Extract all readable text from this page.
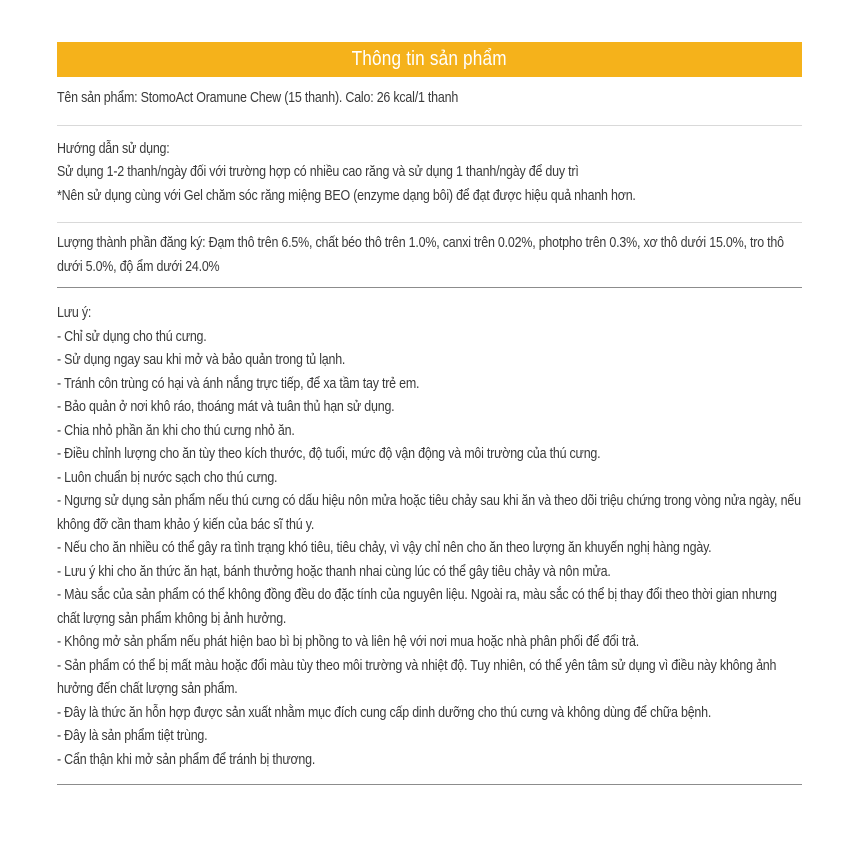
Thông tin sản phẩm
Tên sản phẩm: StomoAct Oramune Chew (15 thanh). Calo: 26 kcal/1 thanh
Hướng dẫn sử dụng:
Sử dụng 1-2 thanh/ngày đối với trường hợp có nhiều cao răng và sử dụng 1 thanh/ngày để duy trì
*Nên sử dụng cùng với Gel chăm sóc răng miệng BEO (enzyme dạng bôi) để đạt được hiệu quả nhanh hơn.
Lượng thành phần đăng ký: Đạm thô trên 6.5%, chất béo thô trên 1.0%, canxi trên 0.02%, photpho trên 0.3%, xơ thô dưới 15.0%, tro thô dưới 5.0%, độ ẩm dưới 24.0%
Lưu ý:
- Chỉ sử dụng cho thú cưng.
- Sử dụng ngay sau khi mở và bảo quản trong tủ lạnh.
- Tránh côn trùng có hại và ánh nắng trực tiếp, để xa tầm tay trẻ em.
- Bảo quản ở nơi khô ráo, thoáng mát và tuân thủ hạn sử dụng.
- Chia nhỏ phần ăn khi cho thú cưng nhỏ ăn.
- Điều chỉnh lượng cho ăn tùy theo kích thước, độ tuổi, mức độ vận động và môi trường của thú cưng.
- Luôn chuẩn bị nước sạch cho thú cưng.
- Ngưng sử dụng sản phẩm nếu thú cưng có dấu hiệu nôn mửa hoặc tiêu chảy sau khi ăn và theo dõi triệu chứng trong vòng nửa ngày, nếu không đỡ cần tham khảo ý kiến của bác sĩ thú y.
- Nếu cho ăn nhiều có thể gây ra tình trạng khó tiêu, tiêu chảy, vì vậy chỉ nên cho ăn theo lượng ăn khuyến nghị hàng ngày.
- Lưu ý khi cho ăn thức ăn hạt, bánh thưởng hoặc thanh nhai cùng lúc có thể gây tiêu chảy và nôn mửa.
- Màu sắc của sản phẩm có thể không đồng đều do đặc tính của nguyên liệu. Ngoài ra, màu sắc có thể bị thay đổi theo thời gian nhưng chất lượng sản phẩm không bị ảnh hưởng.
- Không mở sản phẩm nếu phát hiện bao bì bị phồng to và liên hệ với nơi mua hoặc nhà phân phối để đổi trả.
- Sản phẩm có thể bị mất màu hoặc đổi màu tùy theo môi trường và nhiệt độ. Tuy nhiên, có thể yên tâm sử dụng vì điều này không ảnh hưởng đến chất lượng sản phẩm.
- Đây là thức ăn hỗn hợp được sản xuất nhằm mục đích cung cấp dinh dưỡng cho thú cưng và không dùng để chữa bệnh.
- Đây là sản phẩm tiệt trùng.
- Cẩn thận khi mở sản phẩm để tránh bị thương.
